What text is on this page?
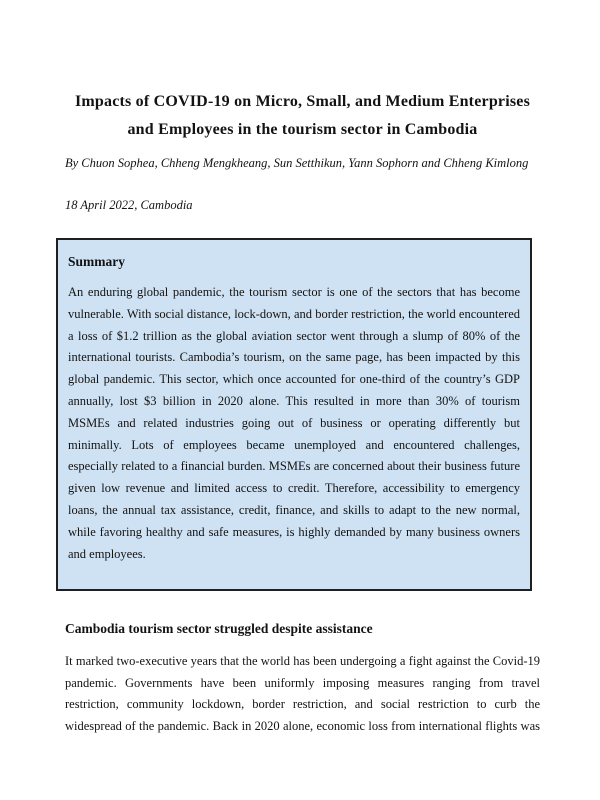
Impacts of COVID-19 on Micro, Small, and Medium Enterprises
and Employees in the tourism sector in Cambodia

By Chuon Sophea, Chheng Mengkheang, Sun Setthikun, Yann Sophorn and Chheng Kimlong

18 April 2022, Cambodia

Summary

An enduring global pandemic, the tourism sector is one of the sectors that has become vulnerable. With social distance, lock-down, and border restriction, the world encountered a loss of $1.2 trillion as the global aviation sector went through a slump of 80% of the international tourists. Cambodia’s tourism, on the same page, has been impacted by this global pandemic. This sector, which once accounted for one-third of the country’s GDP annually, lost $3 billion in 2020 alone. This resulted in more than 30% of tourism MSMEs and related industries going out of business or operating differently but minimally. Lots of employees became unemployed and encountered challenges, especially related to a financial burden. MSMEs are concerned about their business future given low revenue and limited access to credit. Therefore, accessibility to emergency loans, the annual tax assistance, credit, finance, and skills to adapt to the new normal, while favoring healthy and safe measures, is highly demanded by many business owners and employees.

Cambodia tourism sector struggled despite assistance

It marked two-executive years that the world has been undergoing a fight against the Covid-19 pandemic. Governments have been uniformly imposing measures ranging from travel restriction, community lockdown, border restriction, and social restriction to curb the widespread of the pandemic. Back in 2020 alone, economic loss from international flights was
